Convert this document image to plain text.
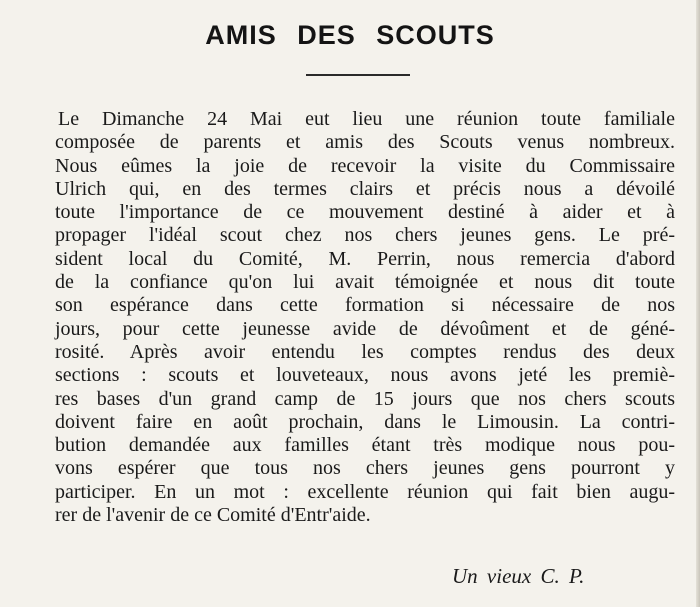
AMIS DES SCOUTS
Le Dimanche 24 Mai eut lieu une réunion toute familiale
composée de parents et amis des Scouts venus nombreux.
Nous eûmes la joie de recevoir la visite du Commissaire
Ulrich qui, en des termes clairs et précis nous a dévoilé
toute l'importance de ce mouvement destiné à aider et à
propager l'idéal scout chez nos chers jeunes gens. Le pré-
sident local du Comité, M. Perrin, nous remercia d'abord
de la confiance qu'on lui avait témoignée et nous dit toute
son espérance dans cette formation si nécessaire de nos
jours, pour cette jeunesse avide de dévoûment et de géné-
rosité. Après avoir entendu les comptes rendus des deux
sections : scouts et louveteaux, nous avons jeté les premiè-
res bases d'un grand camp de 15 jours que nos chers scouts
doivent faire en août prochain, dans le Limousin. La contri-
bution demandée aux familles étant très modique nous pou-
vons espérer que tous nos chers jeunes gens pourront y
participer. En un mot : excellente réunion qui fait bien augu-
rer de l'avenir de ce Comité d'Entr'aide.
Un vieux C. P.
